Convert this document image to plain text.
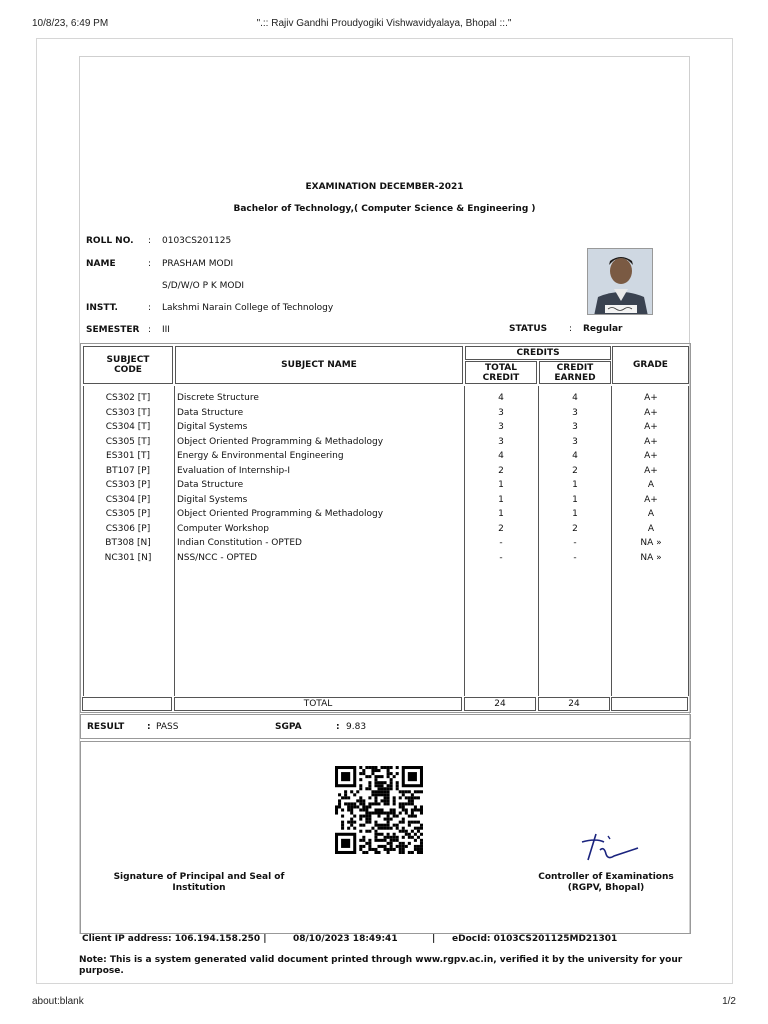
10/8/23, 6:49 PM	".:: Rajiv Gandhi Proudyogiki Vishwavidyalaya, Bhopal ::."
EXAMINATION DECEMBER-2021
Bachelor of Technology,( Computer Science & Engineering )
ROLL NO. : 0103CS201125
NAME	: PRASHAM MODI
S/D/W/O P K MODI
INSTT.	: Lakshmi Narain College of Technology
SEMESTER : III	STATUS : Regular
SUBJECT CODE	SUBJECT NAME
CREDITS
TOTAL CREDIT
CREDIT EARNED
GRADE
CS302 [T]	Discrete Structure	4	4	A+
CS303 [T]	Data Structure	3	3	A+
CS304 [T]	Digital Systems	3	3	A+
CS305 [T]	Object Oriented Programming & Methadology	3	3	A+
ES301 [T]	Energy & Environmental Engineering	4	4	A+
BT107 [P]	Evaluation of Internship-I	2	2	A+
CS303 [P]	Data Structure	1	1	A
CS304 [P]	Digital Systems	1	1	A+
CS305 [P]	Object Oriented Programming & Methadology	1	1	A
CS306 [P]	Computer Workshop	2	2	A
BT308 [N]	Indian Constitution - OPTED	-	-	NA »
NC301 [N]	NSS/NCC - OPTED	-	-	NA »
TOTAL	24	24
RESULT	: PASS	SGPA	: 9.83
Signature of Principal and Seal of
Institution
Controller of Examinations
(RGPV, Bhopal)
Client IP address: 106.194.158.250 |	08/10/2023 18:49:41	| eDocId: 0103CS201125MD21301
Note: This is a system generated valid document printed through www.rgpv.ac.in, verified it by the university for your purpose.
about:blank	1/2
